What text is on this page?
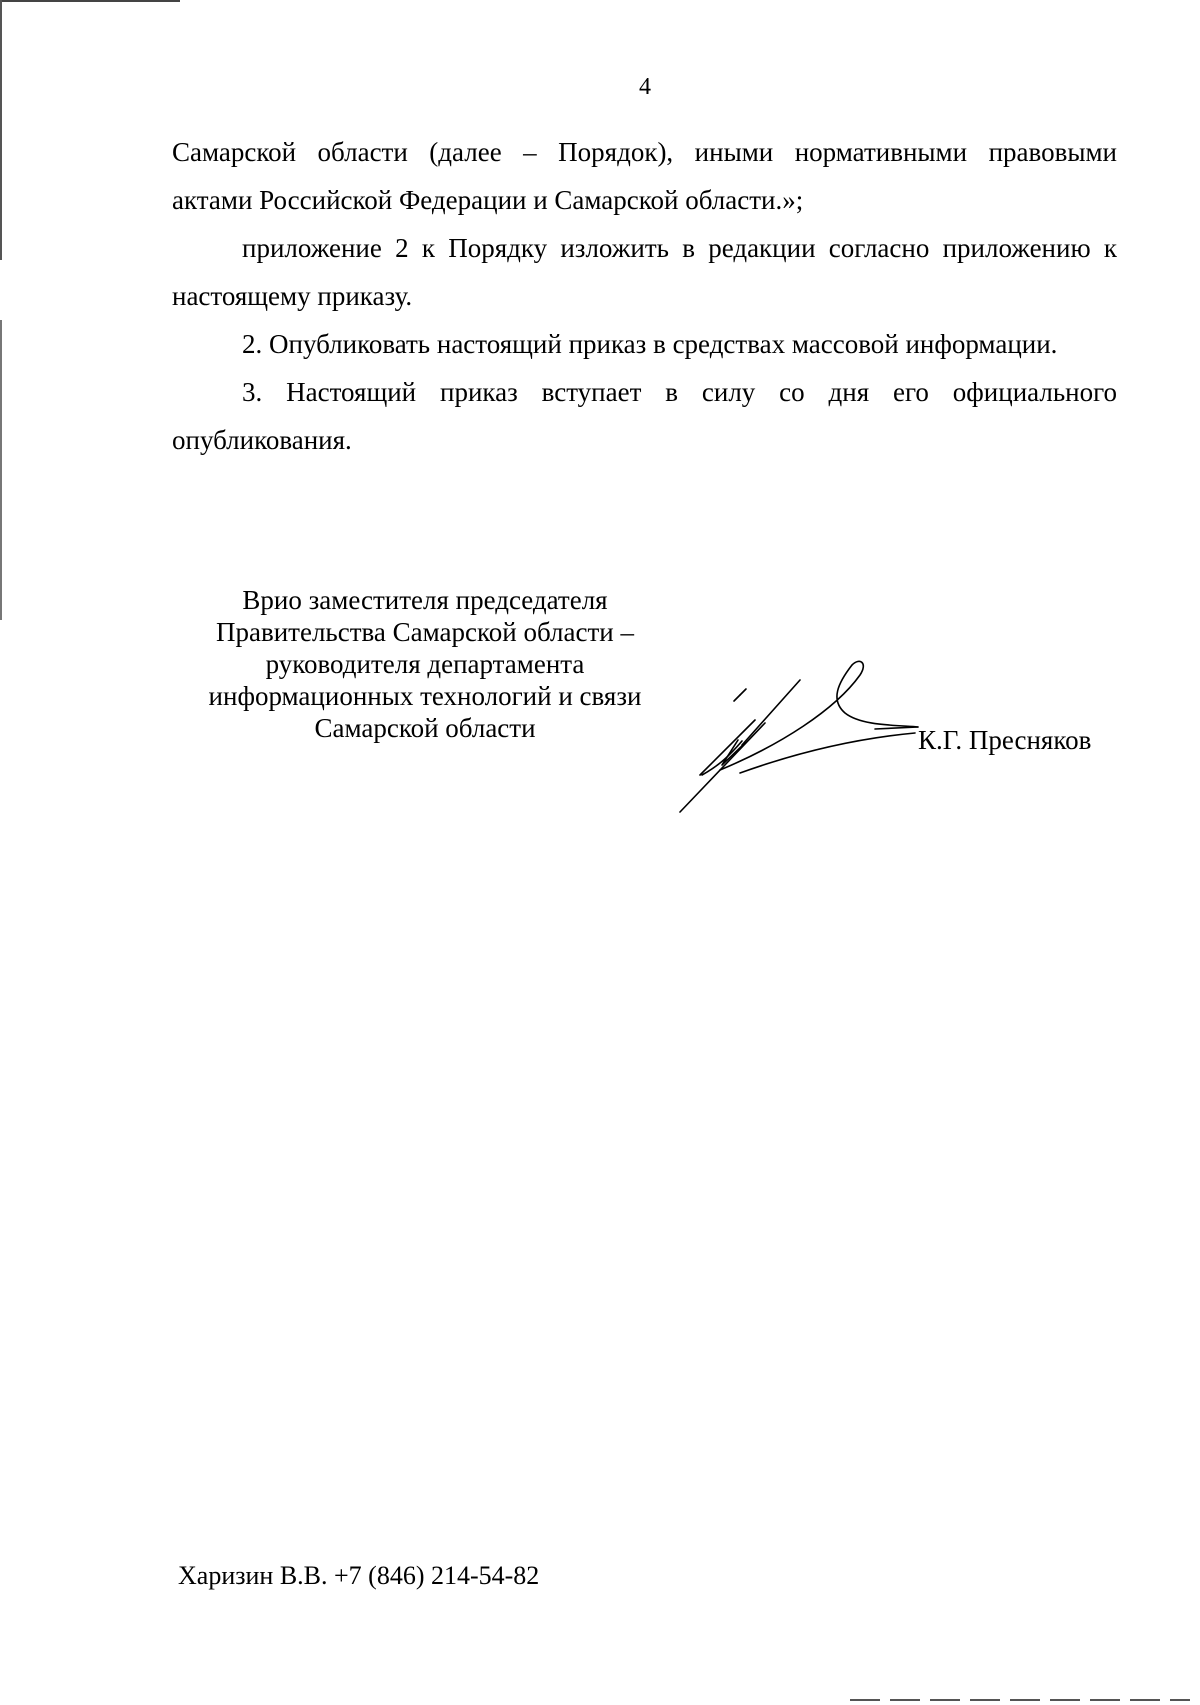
4

Самарской области (далее – Порядок), иными нормативными правовыми
актами Российской Федерации и Самарской области.»;

приложение 2 к Порядку изложить в редакции согласно приложению к
настоящему приказу.

2. Опубликовать настоящий приказ в средствах массовой информации.

3. Настоящий приказ вступает в силу со дня его официального
опубликования.

Врио заместителя председателя
Правительства Самарской области –
руководителя департамента
информационных технологий и связи
Самарской области	К.Г. Пресняков
Харизин В.В. +7 (846) 214-54-82
